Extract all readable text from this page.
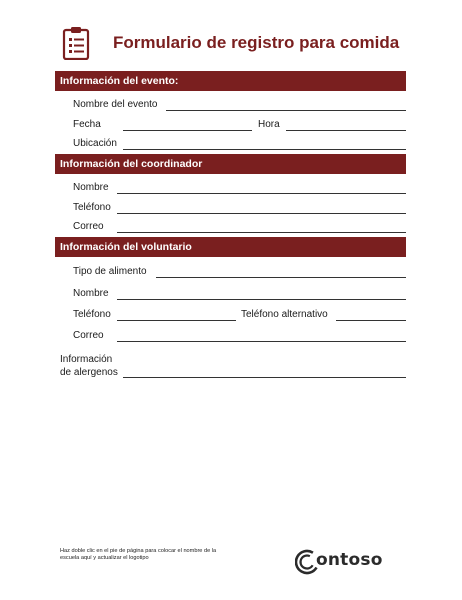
Formulario de registro para comida
Información del evento:
Nombre del evento
Fecha	Hora
Ubicación
Información del coordinador
Nombre
Teléfono
Correo
Información del voluntario
Tipo de alimento
Nombre
Teléfono	Teléfono alternativo
Correo
Información
de alergenos
Haz doble clic en el pie de página para colocar el nombre de la escuela aquí y actualizar el logotipo	ontoso
